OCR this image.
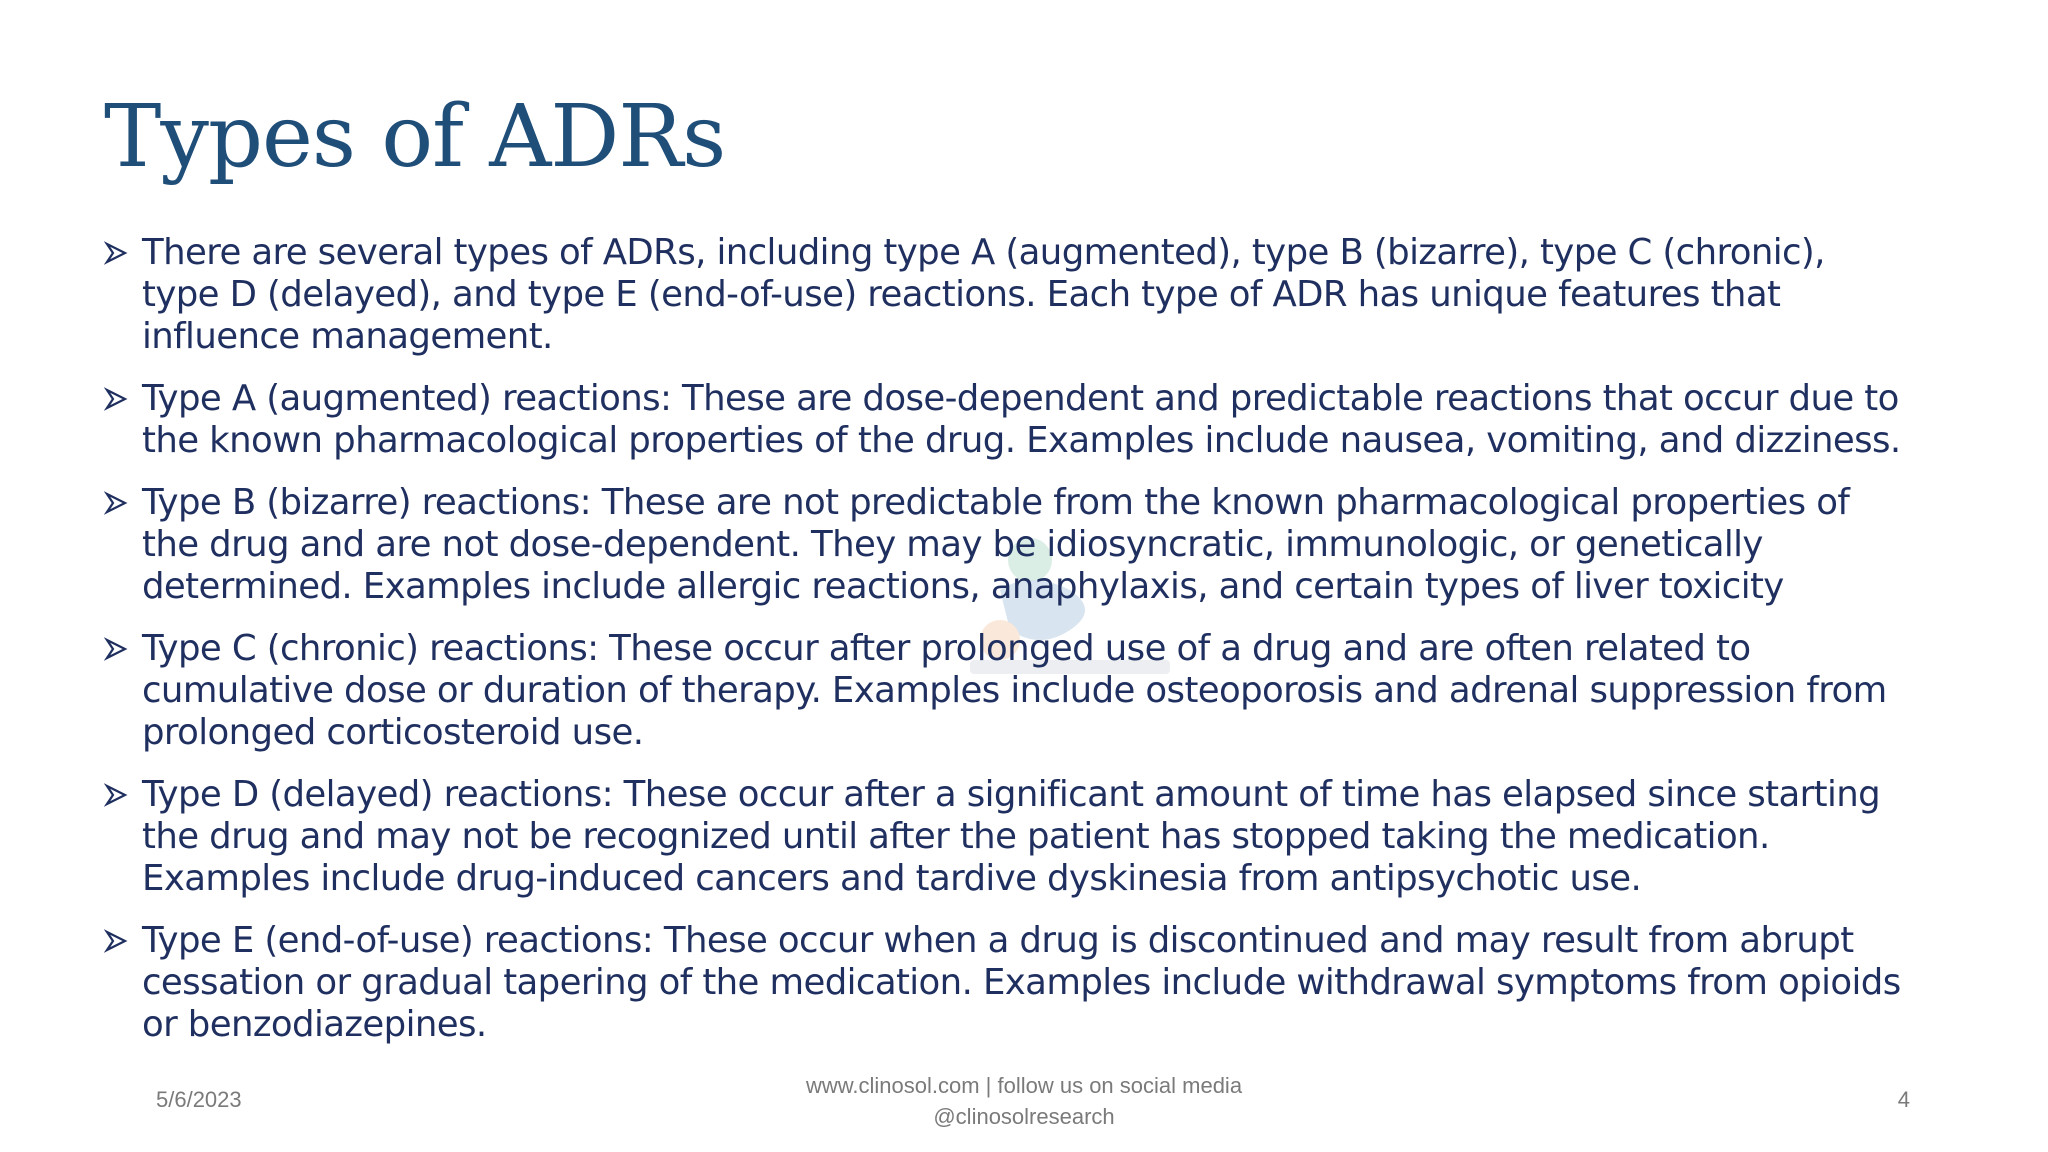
Types of ADRs
There are several types of ADRs, including type A (augmented), type B (bizarre), type C (chronic), type D (delayed), and type E (end-of-use) reactions. Each type of ADR has unique features that influence management.
Type A (augmented) reactions: These are dose-dependent and predictable reactions that occur due to the known pharmacological properties of the drug. Examples include nausea, vomiting, and dizziness.
Type B (bizarre) reactions: These are not predictable from the known pharmacological properties of the drug and are not dose-dependent. They may be idiosyncratic, immunologic, or genetically determined. Examples include allergic reactions, anaphylaxis, and certain types of liver toxicity
Type C (chronic) reactions: These occur after prolonged use of a drug and are often related to cumulative dose or duration of therapy. Examples include osteoporosis and adrenal suppression from prolonged corticosteroid use.
Type D (delayed) reactions: These occur after a significant amount of time has elapsed since starting the drug and may not be recognized until after the patient has stopped taking the medication. Examples include drug-induced cancers and tardive dyskinesia from antipsychotic use.
Type E (end-of-use) reactions: These occur when a drug is discontinued and may result from abrupt cessation or gradual tapering of the medication. Examples include withdrawal symptoms from opioids or benzodiazepines.
5/6/2023
www.clinosol.com | follow us on social media
@clinosolresearch
4
